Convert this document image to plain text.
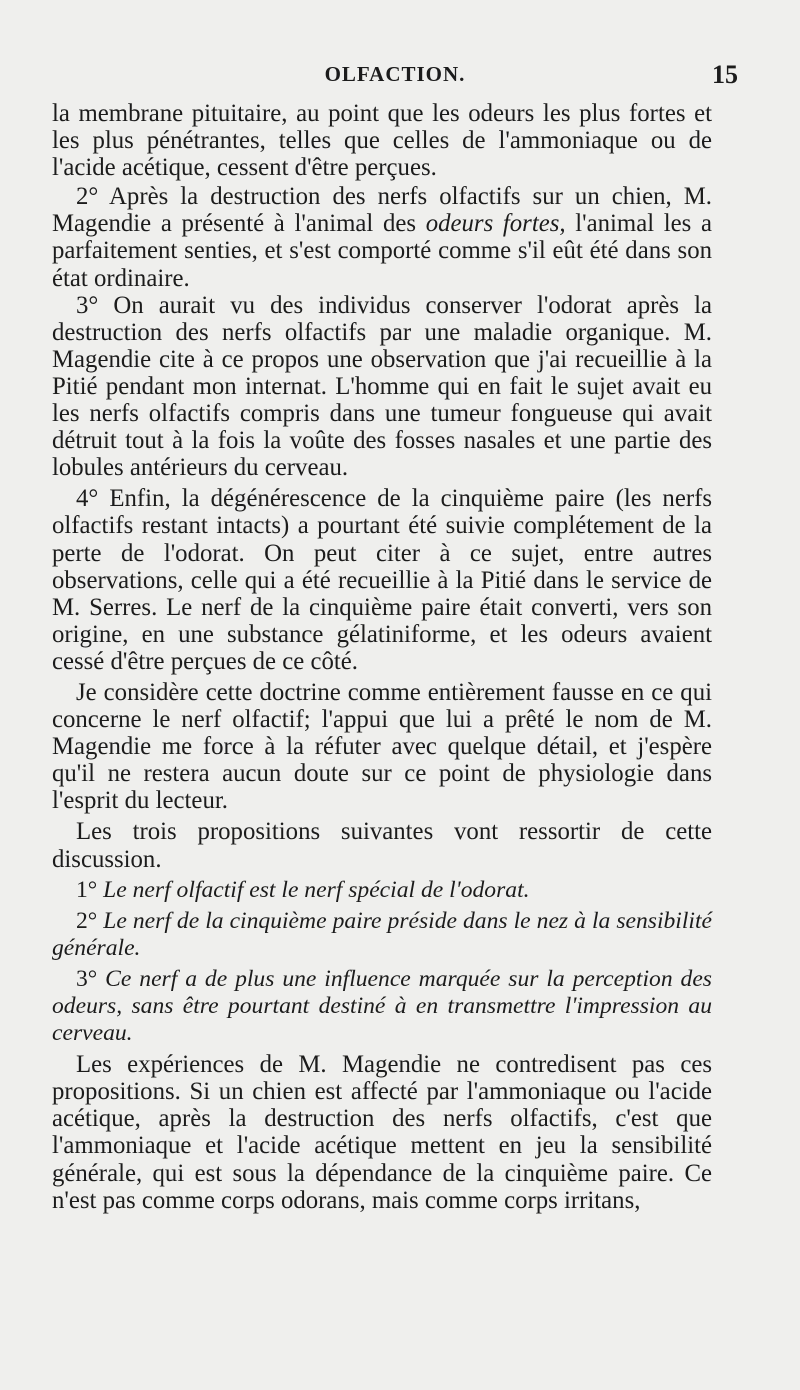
OLFACTION.	15

la membrane pituitaire, au point que les odeurs les plus fortes et les plus pénétrantes, telles que celles de l'ammoniaque ou de l'acide acétique, cessent d'être perçues.

2° Après la destruction des nerfs olfactifs sur un chien, M. Magendie a présenté à l'animal des odeurs fortes, l'animal les a parfaitement senties, et s'est comporté comme s'il eût été dans son état ordinaire.

3° On aurait vu des individus conserver l'odorat après la destruction des nerfs olfactifs par une maladie organique. M. Magendie cite à ce propos une observation que j'ai recueillie à la Pitié pendant mon internat. L'homme qui en fait le sujet avait eu les nerfs olfactifs compris dans une tumeur fongueuse qui avait détruit tout à la fois la voûte des fosses nasales et une partie des lobules antérieurs du cerveau.

4° Enfin, la dégénérescence de la cinquième paire (les nerfs olfactifs restant intacts) a pourtant été suivie complétement de la perte de l'odorat. On peut citer à ce sujet, entre autres observations, celle qui a été recueillie à la Pitié dans le service de M. Serres. Le nerf de la cinquième paire était converti, vers son origine, en une substance gélatiniforme, et les odeurs avaient cessé d'être perçues de ce côté.

Je considère cette doctrine comme entièrement fausse en ce qui concerne le nerf olfactif; l'appui que lui a prêté le nom de M. Magendie me force à la réfuter avec quelque détail, et j'espère qu'il ne restera aucun doute sur ce point de physiologie dans l'esprit du lecteur.

Les trois propositions suivantes vont ressortir de cette discussion.

1° Le nerf olfactif est le nerf spécial de l'odorat.

2° Le nerf de la cinquième paire préside dans le nez à la sensibilité générale.

3° Ce nerf a de plus une influence marquée sur la perception des odeurs, sans être pourtant destiné à en transmettre l'impression au cerveau.

Les expériences de M. Magendie ne contredisent pas ces propositions. Si un chien est affecté par l'ammoniaque ou l'acide acétique, après la destruction des nerfs olfactifs, c'est que l'ammoniaque et l'acide acétique mettent en jeu la sensibilité générale, qui est sous la dépendance de la cinquième paire. Ce n'est pas comme corps odorans, mais comme corps irritans,
